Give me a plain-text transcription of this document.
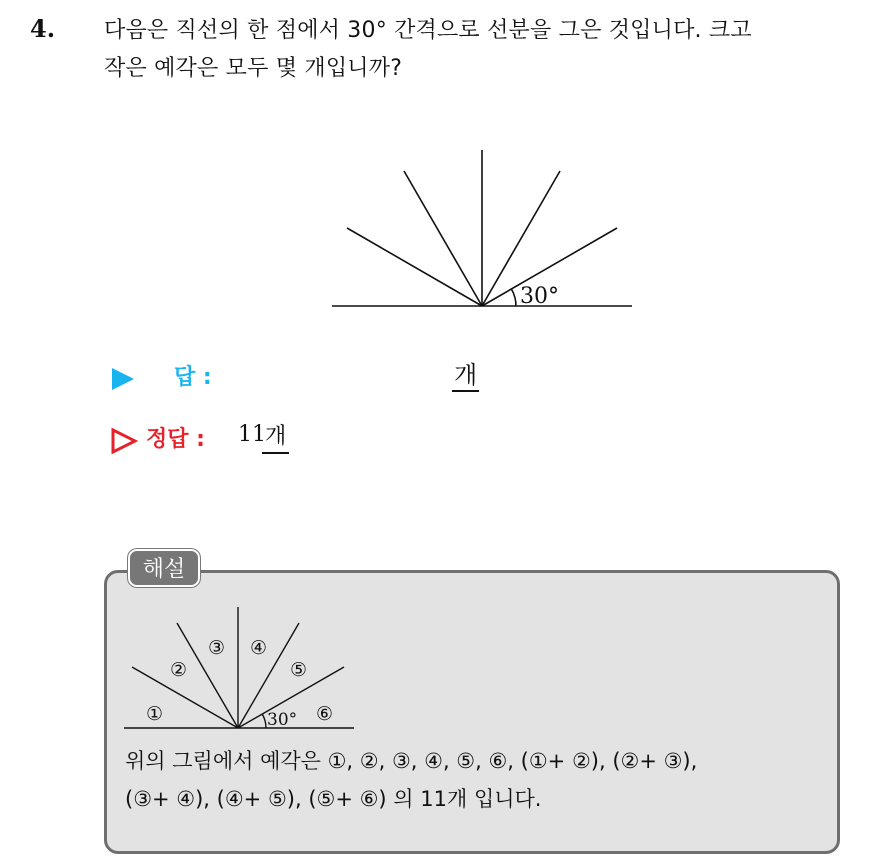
4. 다음은 직선의 한 점에서 30° 간격으로 선분을 그은 것입니다. 크고
작은 예각은 모두 몇 개입니까?
30°
답 :	개
정답 : 11 개
해설
①
②
③ ④
⑤
⑥
30°
위의 그림에서 예각은 ①, ②, ③, ④, ⑤, ⑥, (①+ ②), (②+ ③),
(③+ ④), (④+ ⑤), (⑤+ ⑥) 의 11개 입니다.
